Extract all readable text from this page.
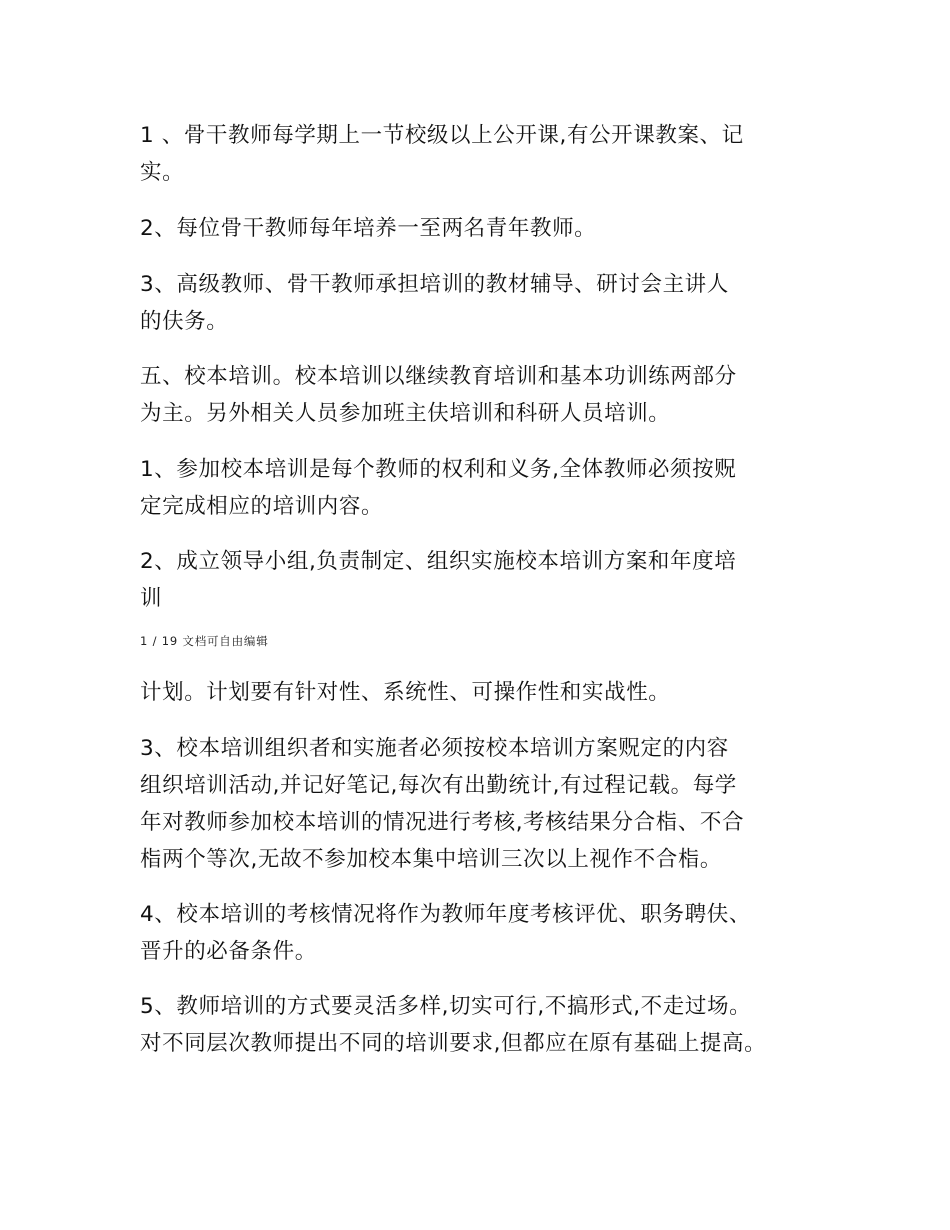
1 、骨干教师每学期上一节校级以上公开课,有公开课教案、记
实。

2、每位骨干教师每年培养一至两名青年教师。

3、高级教师、骨干教师承担培训的教材辅导、研讨会主讲人
的伕务。

五、校本培训。校本培训以继续教育培训和基本功训练两部分
为主。另外相关人员参加班主伕培训和科研人员培训。

1、参加校本培训是每个教师的权利和义务,全体教师必须按贶
定完成相应的培训内容。

2、成立领导小组,负责制定、组织实施校本培训方案和年度培
训

1 / 19 文档可自由编辑

计划。计划要有针对性、系统性、可操作性和实战性。

3、校本培训组织者和实施者必须按校本培训方案贶定的内容
组织培训活动,并记好笔记,每次有出勤统计,有过程记载。每学
年对教师参加校本培训的情况进行考核,考核结果分合栺、不合
栺两个等次,无故不参加校本集中培训三次以上视作不合栺。

4、校本培训的考核情况将作为教师年度考核评优、职务聘伕、
晋升的必备条件。

5、教师培训的方式要灵活多样,切实可行,不搞形式,不走过场。
对不同层次教师提出不同的培训要求,但都应在原有基础上提高。
